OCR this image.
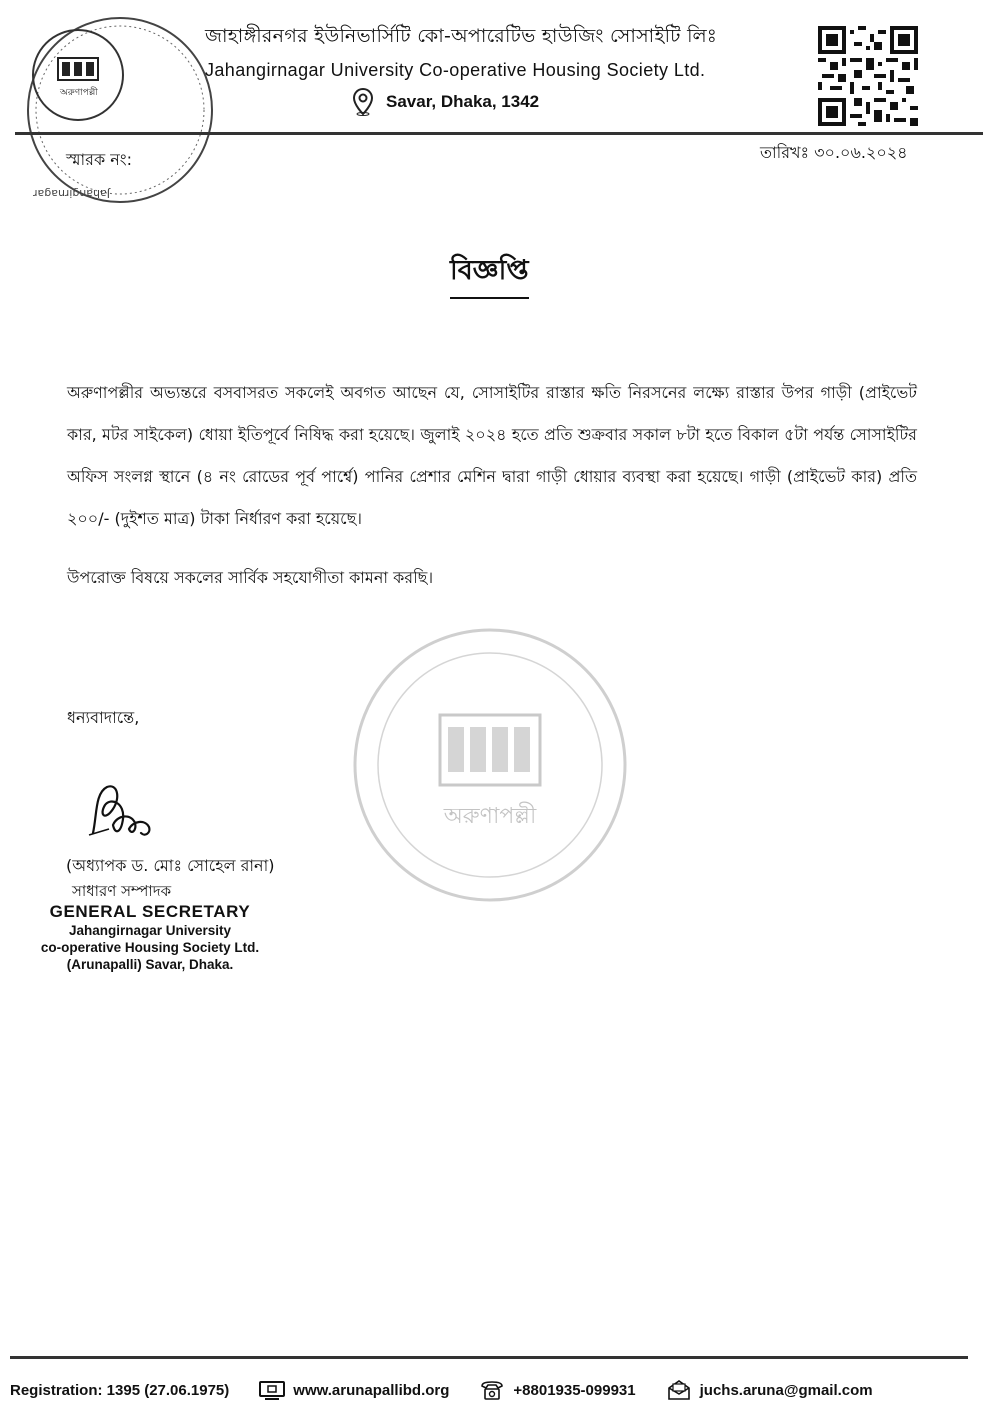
অরুণাপল্লী
Jahangirnagar
জাহাঙ্গীরনগর ইউনিভার্সিটি কো-অপারেটিভ হাউজিং সোসাইটি লিঃ
Jahangirnagar University Co-operative Housing Society Ltd.
Savar, Dhaka, 1342
স্মারক নং:	তারিখঃ ৩০.০৬.২০২৪
বিজ্ঞপ্তি
অরুণাপল্লীর অভ্যন্তরে বসবাসরত সকলেই অবগত আছেন যে, সোসাইটির রাস্তার ক্ষতি নিরসনের লক্ষ্যে রাস্তার উপর গাড়ী (প্রাইভেট কার, মটর সাইকেল) ধোয়া ইতিপূর্বে নিষিদ্ধ করা হয়েছে। জুলাই ২০২৪ হতে প্রতি শুক্রবার সকাল ৮টা হতে বিকাল ৫টা পর্যন্ত সোসাইটির অফিস সংলগ্ন স্থানে (৪ নং রোডের পূর্ব পার্শ্বে) পানির প্রেশার মেশিন দ্বারা গাড়ী ধোয়ার ব্যবস্থা করা হয়েছে। গাড়ী (প্রাইভেট কার) প্রতি ২০০/- (দুইশত মাত্র) টাকা নির্ধারণ করা হয়েছে।
উপরোক্ত বিষয়ে সকলের সার্বিক সহযোগীতা কামনা করছি।
অরুণাপল্লী
ধন্যবাদান্তে,
(অধ্যাপক ড. মোঃ সোহেল রানা)
সাধারণ সম্পাদক
GENERAL SECRETARY
Jahangirnagar University
co-operative Housing Society Ltd.
(Arunapalli) Savar, Dhaka.
Registration: 1395 (27.06.1975)	www.arunapallibd.org	+8801935-099931	juchs.aruna@gmail.com
